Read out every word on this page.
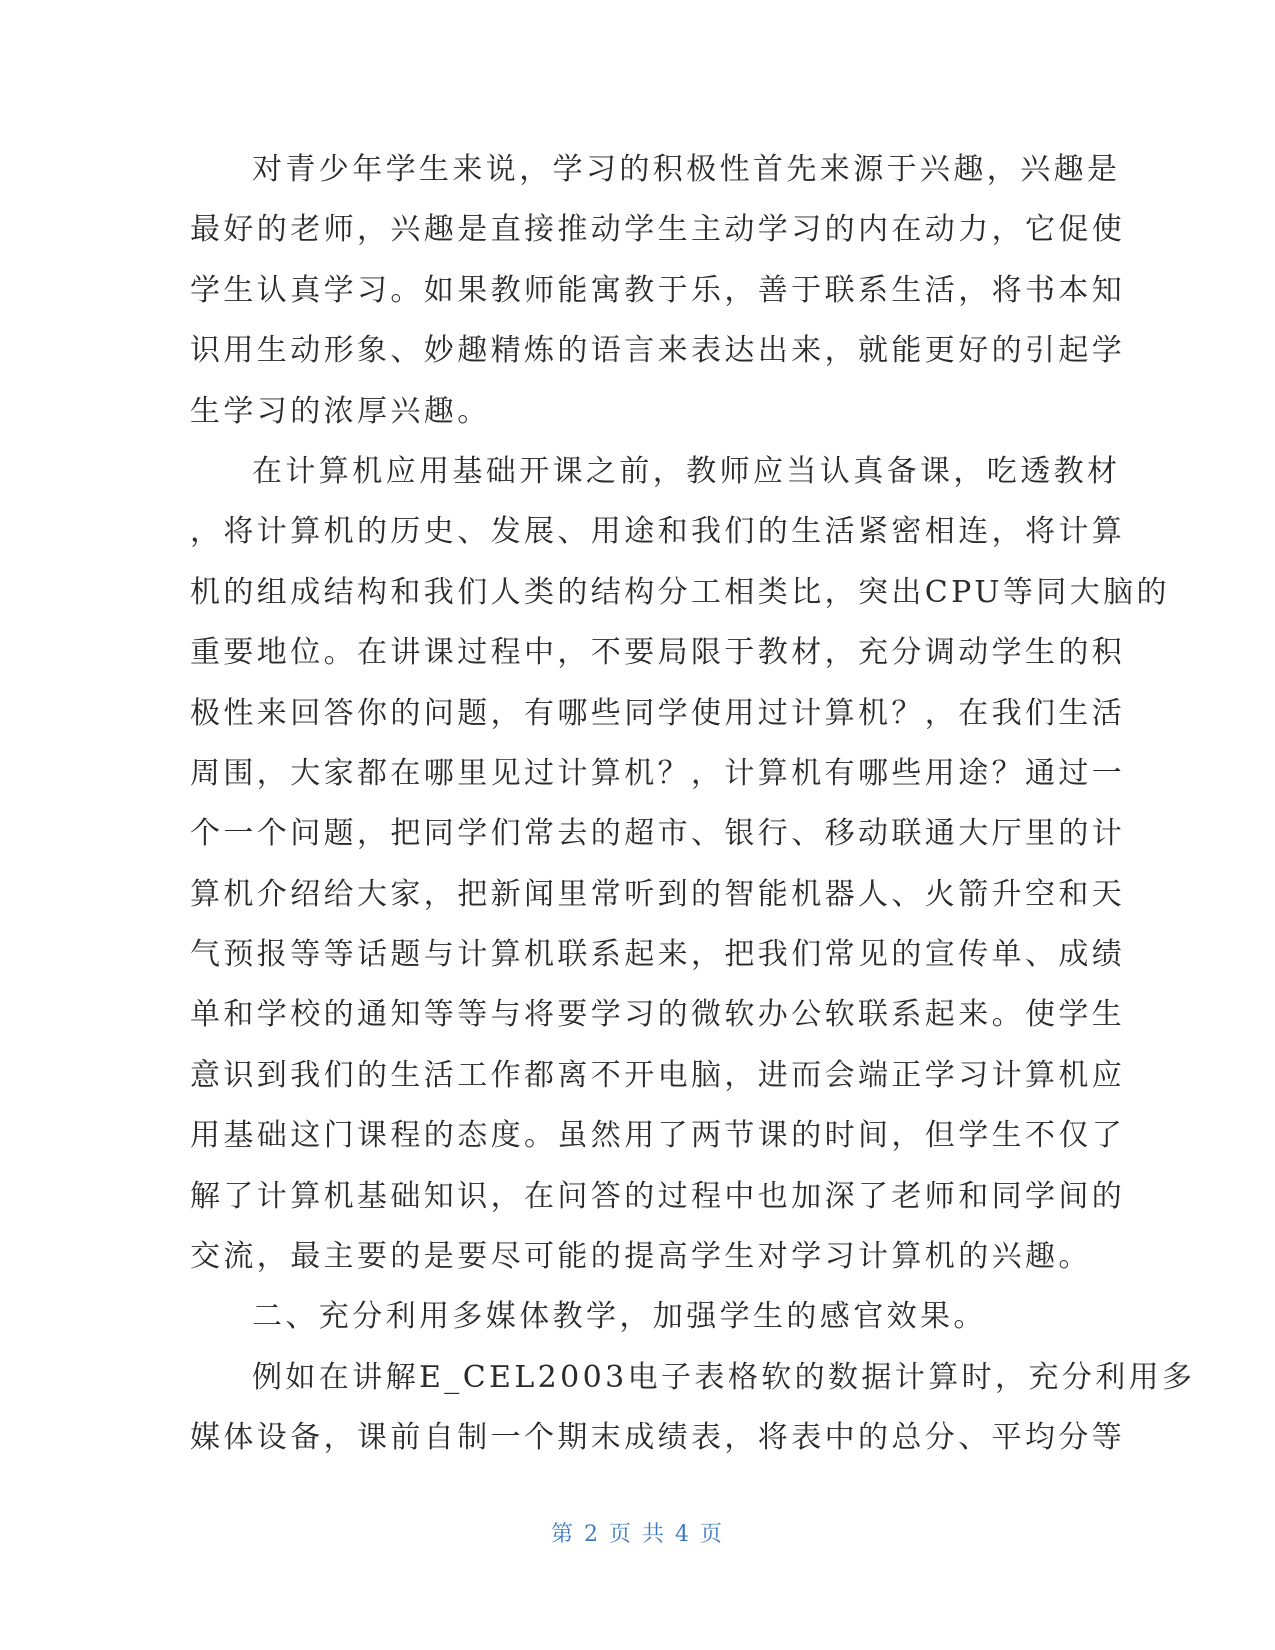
对青少年学生来说，学习的积极性首先来源于兴趣，兴趣是
最好的老师，兴趣是直接推动学生主动学习的内在动力，它促使
学生认真学习。如果教师能寓教于乐，善于联系生活，将书本知
识用生动形象、妙趣精炼的语言来表达出来，就能更好的引起学
生学习的浓厚兴趣。
在计算机应用基础开课之前，教师应当认真备课，吃透教材
，将计算机的历史、发展、用途和我们的生活紧密相连，将计算
机的组成结构和我们人类的结构分工相类比，突出CPU等同大脑的
重要地位。在讲课过程中，不要局限于教材，充分调动学生的积
极性来回答你的问题，有哪些同学使用过计算机？，在我们生活
周围，大家都在哪里见过计算机？，计算机有哪些用途？通过一
个一个问题，把同学们常去的超市、银行、移动联通大厅里的计
算机介绍给大家，把新闻里常听到的智能机器人、火箭升空和天
气预报等等话题与计算机联系起来，把我们常见的宣传单、成绩
单和学校的通知等等与将要学习的微软办公软联系起来。使学生
意识到我们的生活工作都离不开电脑，进而会端正学习计算机应
用基础这门课程的态度。虽然用了两节课的时间，但学生不仅了
解了计算机基础知识，在问答的过程中也加深了老师和同学间的
交流，最主要的是要尽可能的提高学生对学习计算机的兴趣。
二、充分利用多媒体教学，加强学生的感官效果。
例如在讲解E_CEL2003电子表格软的数据计算时，充分利用多
媒体设备，课前自制一个期末成绩表，将表中的总分、平均分等
第 2 页 共 4 页
